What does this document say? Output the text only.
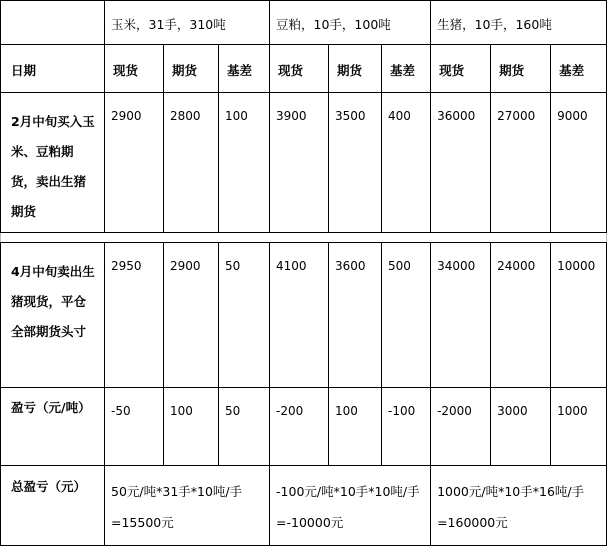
	玉米，31手，310吨			豆粕，10手，100吨			生猪，10手，160吨		
日期	现货	期货	基差	现货	期货	基差	现货	期货	基差
2月中旬买入玉米、豆粕期货，卖出生猪期货	2900	2800	100	3900	3500	400	36000	27000	9000

4月中旬卖出生猪现货，平仓全部期货头寸	2950	2900	50	4100	3600	500	34000	24000	10000
盈亏（元/吨）	-50	100	50	-200	100	-100	-2000	3000	1000
总盈亏（元）	50元/吨*31手*10吨/手=15500元			-100元/吨*10手*10吨/手=-10000元			1000元/吨*10手*16吨/手=160000元		
